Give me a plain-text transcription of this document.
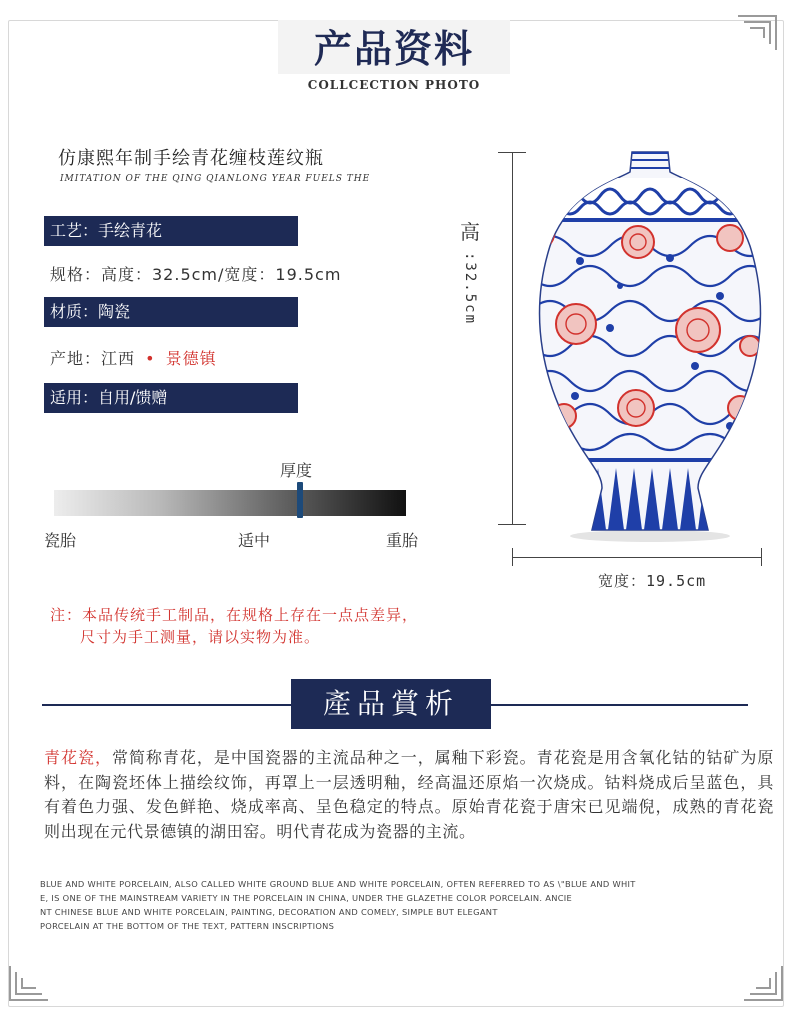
产品资料
COLLCECTION PHOTO
仿康熙年制手绘青花缠枝莲纹瓶
IMITATION OF THE QING QIANLONG YEAR FUELS THE
工艺：手绘青花
规格：高度：32.5cm/宽度：19.5cm
材质：陶瓷
产地：江西 • 景德镇
适用：自用/馈赠
厚度
瓷胎	适中	重胎
注：本品传统手工制品，在规格上存在一点点差异，
尺寸为手工测量，请以实物为准。
高
:32.5cm
宽度：19.5cm
產品賞析
青花瓷，常简称青花，是中国瓷器的主流品种之一，属釉下彩瓷。青花瓷是用含氧化钴的钴矿为原料，在陶瓷坯体上描绘纹饰，再罩上一层透明釉，经高温还原焰一次烧成。钴料烧成后呈蓝色，具有着色力强、发色鲜艳、烧成率高、呈色稳定的特点。原始青花瓷于唐宋已见端倪，成熟的青花瓷则出现在元代景德镇的湖田窑。明代青花成为瓷器的主流。
BLUE AND WHITE PORCELAIN, ALSO CALLED WHITE GROUND BLUE AND WHITE PORCELAIN, OFTEN REFERRED TO AS \"BLUE AND WHIT
E, IS ONE OF THE MAINSTREAM VARIETY IN THE PORCELAIN IN CHINA, UNDER THE GLAZETHE COLOR PORCELAIN. ANCIE
NT CHINESE BLUE AND WHITE PORCELAIN, PAINTING, DECORATION AND COMELY, SIMPLE BUT ELEGANT
PORCELAIN AT THE BOTTOM OF THE TEXT, PATTERN INSCRIPTIONS
